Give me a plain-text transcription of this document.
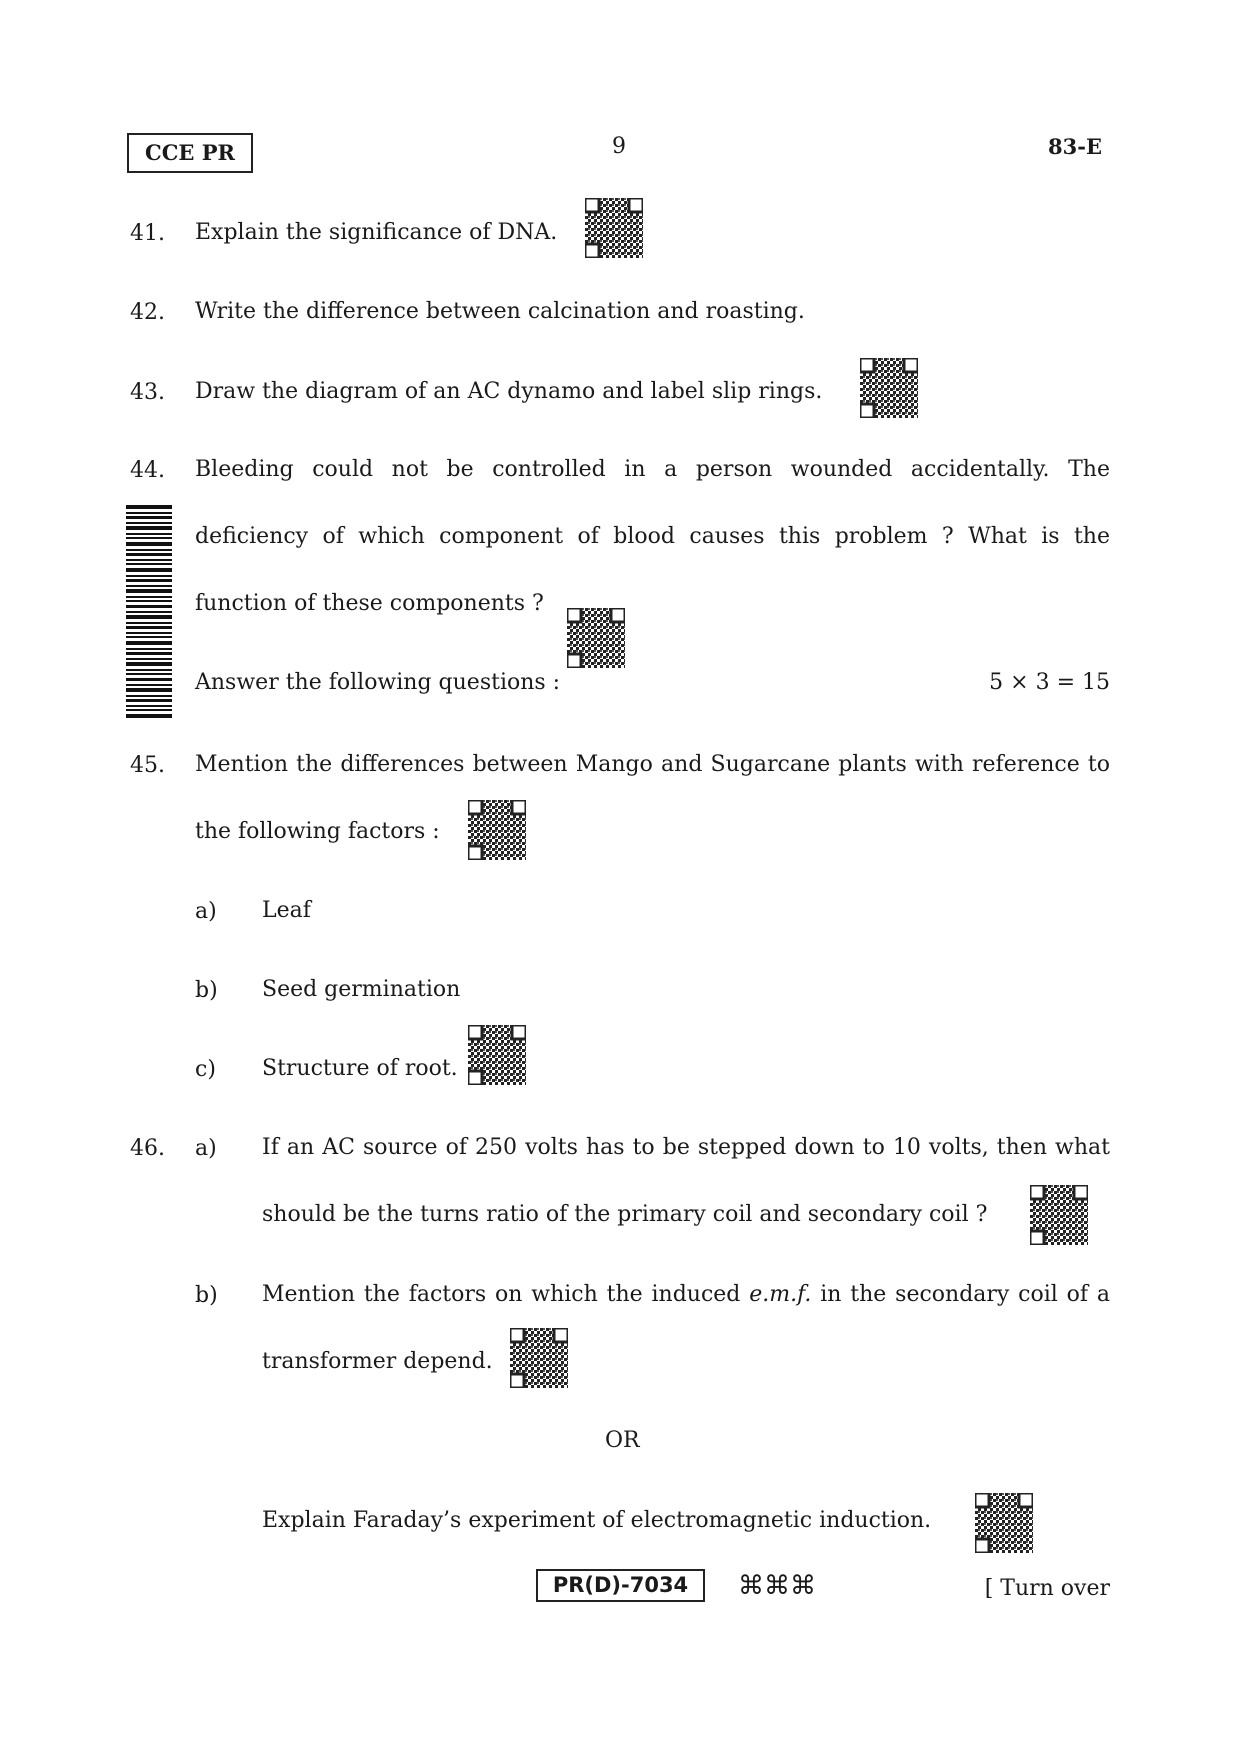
CCE PR	9	83-E
41. Explain the significance of DNA.
42. Write the difference between calcination and roasting.
43. Draw the diagram of an AC dynamo and label slip rings.
44. Bleeding could not be controlled in a person wounded accidentally. The
deficiency of which component of blood causes this problem ? What is the
function of these components ?
Answer the following questions :	5 × 3 = 15
45. Mention the differences between Mango and Sugarcane plants with reference to
the following factors :
a) Leaf
b) Seed germination
c) Structure of root.
46. a) If an AC source of 250 volts has to be stepped down to 10 volts, then what
should be the turns ratio of the primary coil and secondary coil ?
b) Mention the factors on which the induced e.m.f. in the secondary coil of a
transformer depend.
OR
Explain Faraday’s experiment of electromagnetic induction.
PR(D)-7034	⌘⌘⌘	[ Turn over
